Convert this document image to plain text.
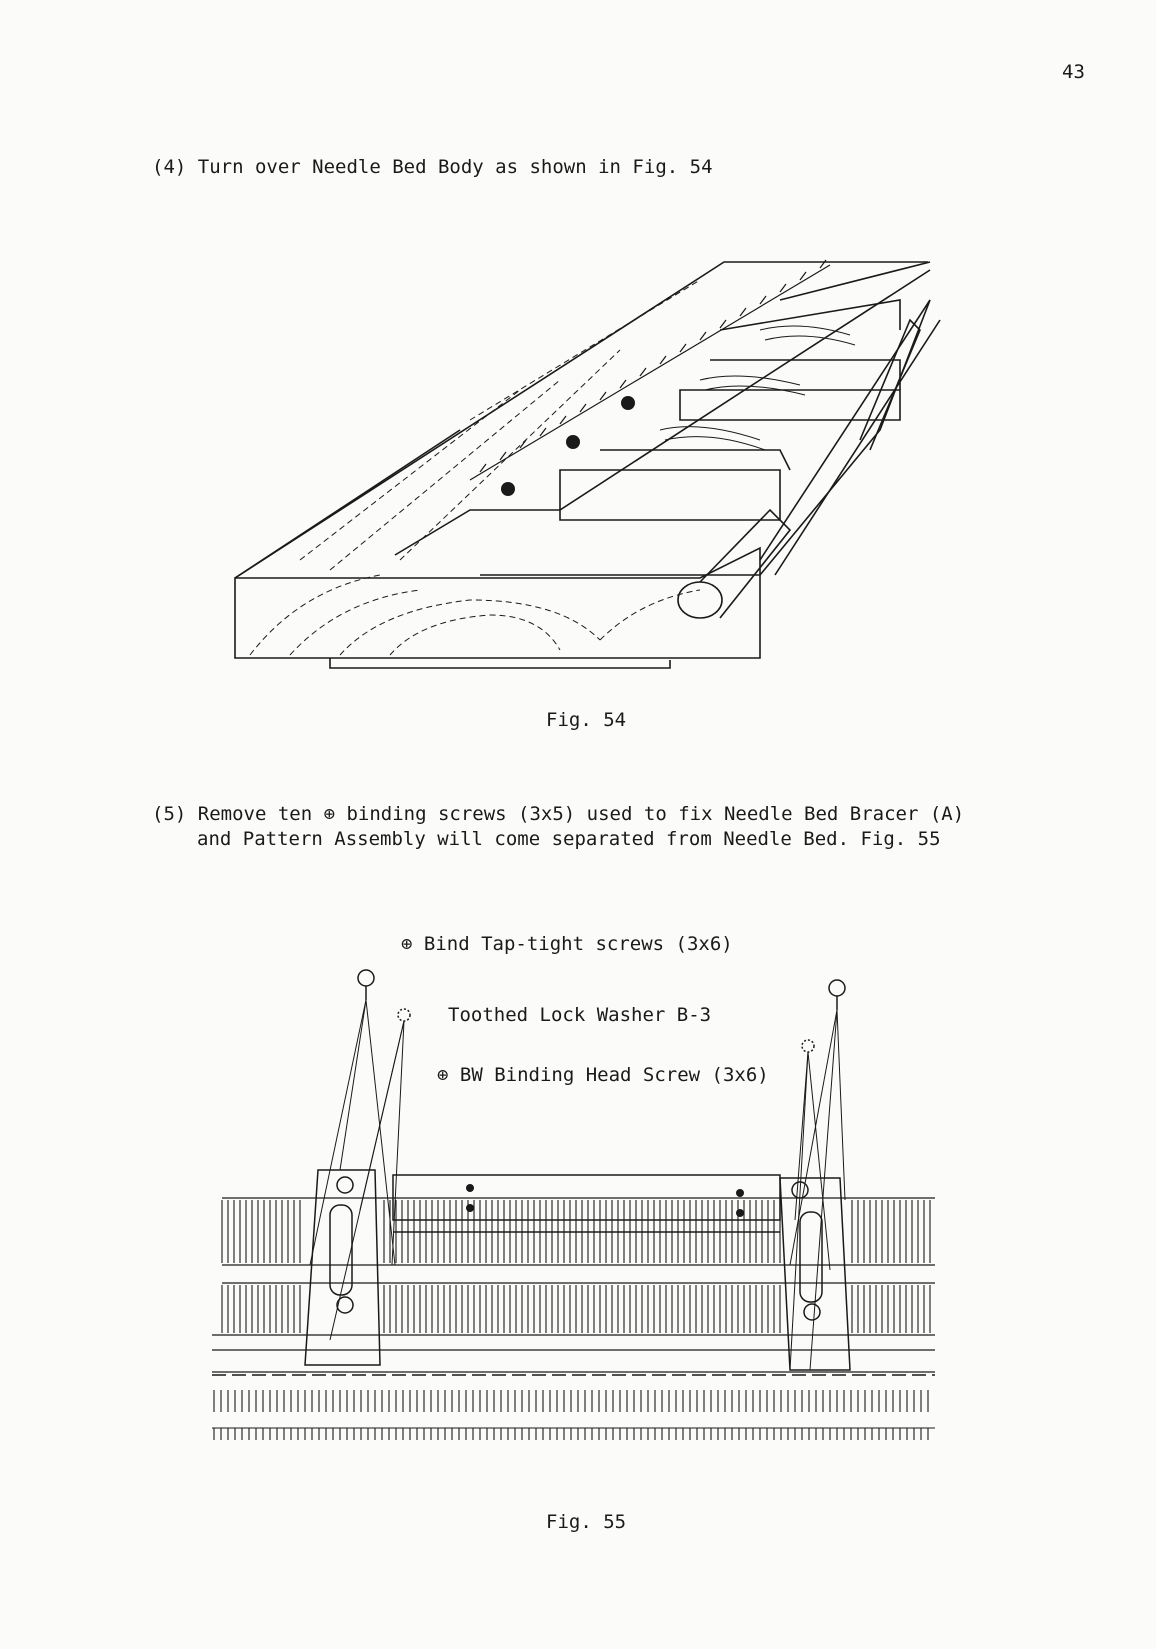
43
(4) Turn over Needle Bed Body as shown in Fig. 54
Fig. 54
(5) Remove ten ⊕ binding screws (3x5) used to fix Needle Bed Bracer (A)
and Pattern Assembly will come separated from Needle Bed. Fig. 55
⊕ Bind Tap-tight screws (3x6)
Toothed Lock Washer B-3
⊕ BW Binding Head Screw (3x6)
Fig. 55
